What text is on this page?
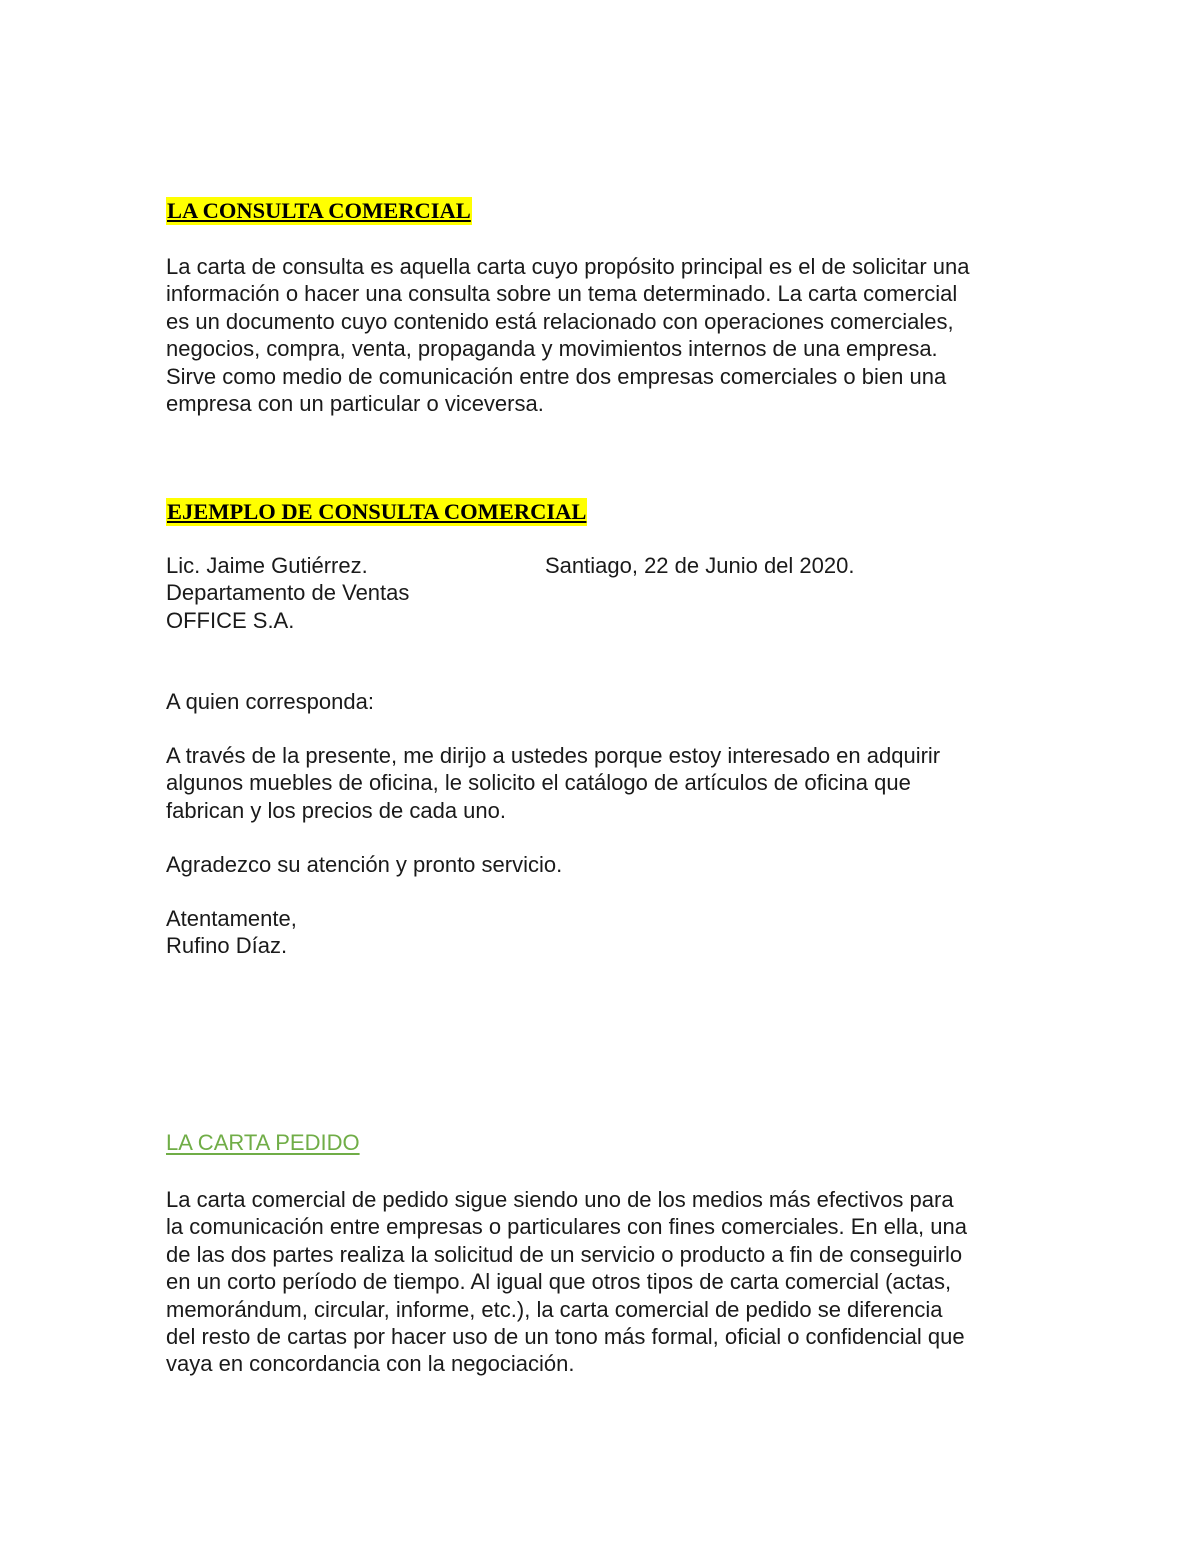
LA CONSULTA COMERCIAL
La carta de consulta es aquella carta cuyo propósito principal es el de solicitar una
información o hacer una consulta sobre un tema determinado. La carta comercial
es un documento cuyo contenido está relacionado con operaciones comerciales,
negocios, compra, venta, propaganda y movimientos internos de una empresa.
Sirve como medio de comunicación entre dos empresas comerciales o bien una
empresa con un particular o viceversa.
EJEMPLO DE CONSULTA COMERCIAL
Lic. Jaime Gutiérrez.
Departamento de Ventas
OFFICE S.A.
Santiago, 22 de Junio del 2020.
A quien corresponda:
A través de la presente, me dirijo a ustedes porque estoy interesado en adquirir
algunos muebles de oficina, le solicito el catálogo de artículos de oficina que
fabrican y los precios de cada uno.
Agradezco su atención y pronto servicio.
Atentamente,
Rufino Díaz.
LA CARTA PEDIDO
La carta comercial de pedido sigue siendo uno de los medios más efectivos para
la comunicación entre empresas o particulares con fines comerciales. En ella, una
de las dos partes realiza la solicitud de un servicio o producto a fin de conseguirlo
en un corto período de tiempo. Al igual que otros tipos de carta comercial (actas,
memorándum, circular, informe, etc.), la carta comercial de pedido se diferencia
del resto de cartas por hacer uso de un tono más formal, oficial o confidencial que
vaya en concordancia con la negociación.
